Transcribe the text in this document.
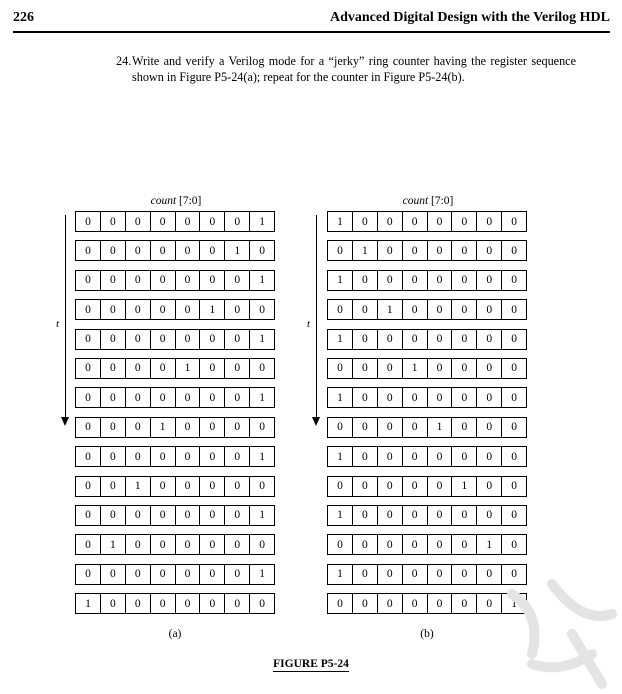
226	Advanced Digital Design with the Verilog HDL
24. Write and verify a Verilog mode for a “jerky” ring counter having the register sequence shown in Figure P5-24(a); repeat for the counter in Figure P5-24(b).
count [7:0]
0	0	0	0	0	0	0	1
0	0	0	0	0	0	1	0
0	0	0	0	0	0	0	1
0	0	0	0	0	1	0	0
0	0	0	0	0	0	0	1
0	0	0	0	1	0	0	0
0	0	0	0	0	0	0	1
0	0	0	1	0	0	0	0
0	0	0	0	0	0	0	1
0	0	1	0	0	0	0	0
0	0	0	0	0	0	0	1
0	1	0	0	0	0	0	0
0	0	0	0	0	0	0	1
1	0	0	0	0	0	0	0
count [7:0]
1	0	0	0	0	0	0	0
0	1	0	0	0	0	0	0
1	0	0	0	0	0	0	0
0	0	1	0	0	0	0	0
1	0	0	0	0	0	0	0
0	0	0	1	0	0	0	0
1	0	0	0	0	0	0	0
0	0	0	0	1	0	0	0
1	0	0	0	0	0	0	0
0	0	0	0	0	1	0	0
1	0	0	0	0	0	0	0
0	0	0	0	0	0	1	0
1	0	0	0	0	0	0	0
0	0	0	0	0	0	0	1
t	t
(a)	(b)
FIGURE P5-24
